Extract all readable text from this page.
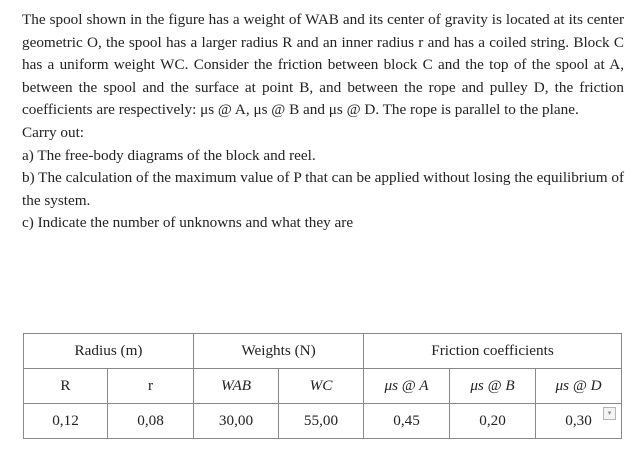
The spool shown in the figure has a weight of WAB and its center of gravity is located at its center geometric O, the spool has a larger radius R and an inner radius r and has a coiled string. Block C has a uniform weight WC. Consider the friction between block C and the top of the spool at A, between the spool and the surface at point B, and between the rope and pulley D, the friction coefficients are respectively: μs @ A, μs @ B and μs @ D. The rope is parallel to the plane.

Carry out:

a) The free-body diagrams of the block and reel.

b) The calculation of the maximum value of P that can be applied without losing the equilibrium of the system.

c) Indicate the number of unknowns and what they are

Radius (m)		Weights (N)		Friction coefficients		
R	r	WAB	WC	μs @ A	μs @ B	μs @ D
0,12	0,08	30,00	55,00	0,45	0,20	0,30 ▾
